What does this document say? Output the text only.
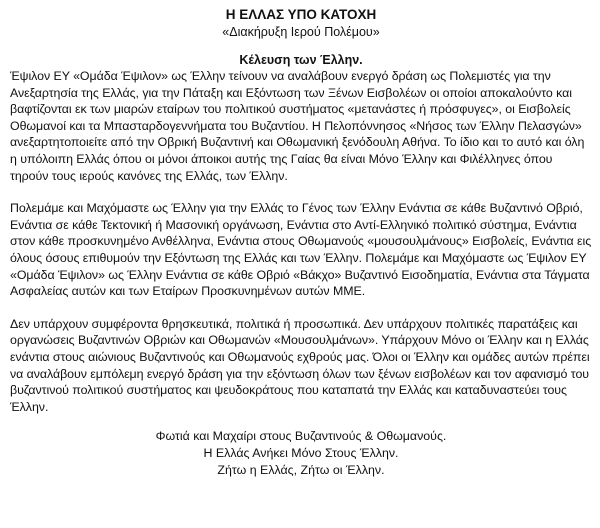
Η ΕΛΛΑΣ ΥΠΟ ΚΑΤΟΧΗ
«Διακήρυξη Ιερού Πολέμου»
Κέλευση των Έλλην.

Έψιλον ΕΥ «Ομάδα Έψιλον» ως Έλλην τείνουν να αναλάβουν ενεργό δράση ως Πολεμιστές για την Ανεξαρτησία της Ελλάς, για την Πάταξη και Εξόντωση των Ξένων Εισβολέων οι οποίοι αποκαλούντο και βαφτίζονται εκ των μιαρών εταίρων του πολιτικού συστήματος «μετανάστες ή πρόσφυγες», οι Εισβολείς Οθωμανοί και τα Μπασταρδογεννήματα του Βυζαντίου. Η Πελοπόννησος «Νήσος των Έλλην Πελασγών» ανεξαρτητοποιείτε από την Οβρική Βυζαντινή και Οθωμανική ξενόδουλη Αθήνα. Το ίδιο και το αυτό και όλη η υπόλοιπη Ελλάς όπου οι μόνοι άποικοι αυτής της Γαίας θα είναι Μόνο Έλλην και Φιλέλληνες όπου τηρούν τους ιερούς κανόνες της Ελλάς, των Έλλην.

Πολεμάμε και Μαχόμαστε ως Έλλην για την Ελλάς το Γένος των Έλλην Ενάντια σε κάθε Βυζαντινό Οβριό, Ενάντια σε κάθε Τεκτονική ή Μασονική οργάνωση, Ενάντια στο Αντί-Ελληνικό πολιτικό σύστημα, Ενάντια στον κάθε προσκυνημένο Ανθέλληνα, Ενάντια στους Οθωμανούς «μουσουλμάνους» Εισβολείς, Ενάντια εις όλους όσους επιθυμούν την Εξόντωση της Ελλάς και των Έλλην. Πολεμάμε και Μαχόμαστε ως Έψιλον ΕΥ «Ομάδα Έψιλον» ως Έλλην Ενάντια σε κάθε Οβριό «Βάκχο» Βυζαντινό Εισοδηματία, Ενάντια στα Τάγματα Ασφαλείας αυτών και των Εταίρων Προσκυνημένων αυτών ΜΜΕ.

Δεν υπάρχουν συμφέροντα θρησκευτικά, πολιτικά ή προσωπικά. Δεν υπάρχουν πολιτικές παρατάξεις και οργανώσεις Βυζαντινών Οβριών και Οθωμανών «Μουσουλμάνων». Υπάρχουν Μόνο οι Έλλην και η Ελλάς ενάντια στους αιώνιους Βυζαντινούς και Οθωμανούς εχθρούς μας. Όλοι οι Έλλην και ομάδες αυτών πρέπει να αναλάβουν εμπόλεμη ενεργό δράση για την εξόντωση όλων των ξένων εισβολέων και τον αφανισμό του βυζαντινού πολιτικού συστήματος και ψευδοκράτους που καταπατά την Ελλάς και καταδυναστεύει τους Έλλην.

Φωτιά και Μαχαίρι στους Βυζαντινούς & Οθωμανούς.
Η Ελλάς Ανήκει Μόνο Στους Έλλην.
Ζήτω η Ελλάς, Ζήτω οι Έλλην.
